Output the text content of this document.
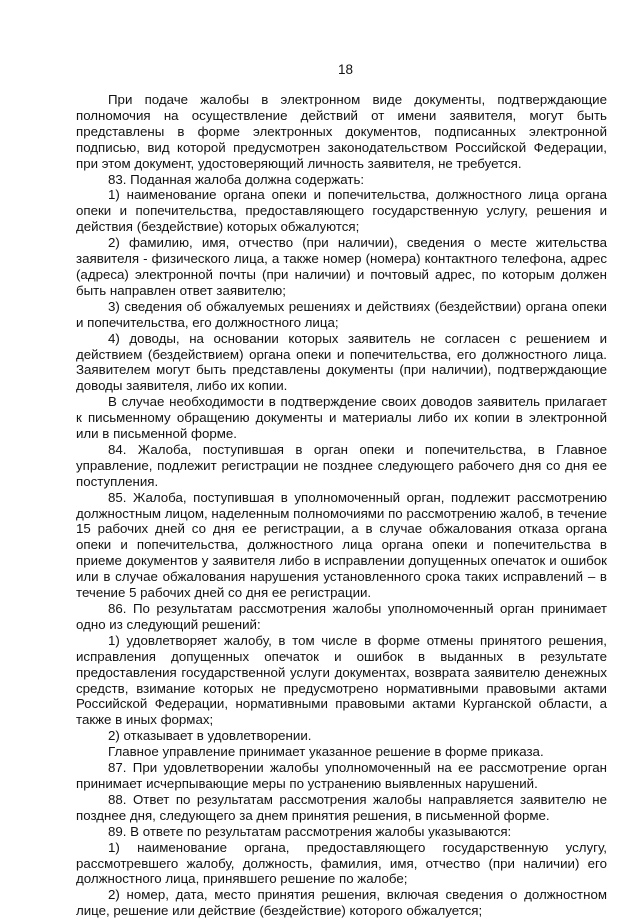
18

При подаче жалобы в электронном виде документы, подтверждающие полномочия на осуществление действий от имени заявителя, могут быть представлены в форме электронных документов, подписанных электронной подписью, вид которой предусмотрен законодательством Российской Федерации, при этом документ, удостоверяющий личность заявителя, не требуется.

83. Поданная жалоба должна содержать:

1) наименование органа опеки и попечительства, должностного лица органа опеки и попечительства, предоставляющего государственную услугу, решения и действия (бездействие) которых обжалуются;

2) фамилию, имя, отчество (при наличии), сведения о месте жительства заявителя - физического лица, а также номер (номера) контактного телефона, адрес (адреса) электронной почты (при наличии) и почтовый адрес, по которым должен быть направлен ответ заявителю;

3) сведения об обжалуемых решениях и действиях (бездействии) органа опеки и попечительства, его должностного лица;

4) доводы, на основании которых заявитель не согласен с решением и действием (бездействием) органа опеки и попечительства, его должностного лица. Заявителем могут быть представлены документы (при наличии), подтверждающие доводы заявителя, либо их копии.

В случае необходимости в подтверждение своих доводов заявитель прилагает к письменному обращению документы и материалы либо их копии в электронной или в письменной форме.

84. Жалоба, поступившая в орган опеки и попечительства, в Главное управление, подлежит регистрации не позднее следующего рабочего дня со дня ее поступления.

85. Жалоба, поступившая в уполномоченный орган, подлежит рассмотрению должностным лицом, наделенным полномочиями по рассмотрению жалоб, в течение 15 рабочих дней со дня ее регистрации, а в случае обжалования отказа органа опеки и попечительства, должностного лица органа опеки и попечительства в приеме документов у заявителя либо в исправлении допущенных опечаток и ошибок или в случае обжалования нарушения установленного срока таких исправлений – в течение 5 рабочих дней со дня ее регистрации.

86. По результатам рассмотрения жалобы уполномоченный орган принимает одно из следующий решений:

1) удовлетворяет жалобу, в том числе в форме отмены принятого решения, исправления допущенных опечаток и ошибок в выданных в результате предоставления государственной услуги документах, возврата заявителю денежных средств, взимание которых не предусмотрено нормативными правовыми актами Российской Федерации, нормативными правовыми актами Курганской области, а также в иных формах;

2) отказывает в удовлетворении.

Главное управление принимает указанное решение в форме приказа.

87. При удовлетворении жалобы уполномоченный на ее рассмотрение орган принимает исчерпывающие меры по устранению выявленных нарушений.

88. Ответ по результатам рассмотрения жалобы направляется заявителю не позднее дня, следующего за днем принятия решения, в письменной форме.

89. В ответе по результатам рассмотрения жалобы указываются:

1) наименование органа, предоставляющего государственную услугу, рассмотревшего жалобу, должность, фамилия, имя, отчество (при наличии) его должностного лица, принявшего решение по жалобе;

2) номер, дата, место принятия решения, включая сведения о должностном лице, решение или действие (бездействие) которого обжалуется;
